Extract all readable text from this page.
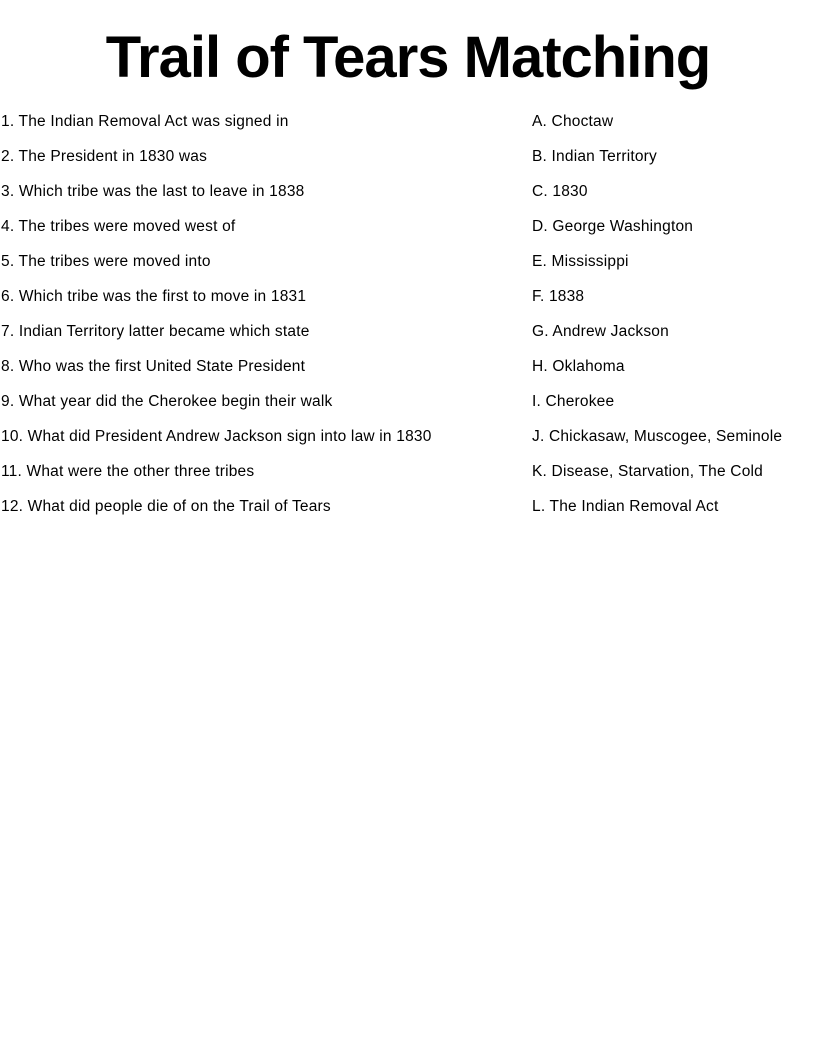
Trail of Tears Matching
1. The Indian Removal Act was signed in
2. The President in 1830 was
3. Which tribe was the last to leave in 1838
4. The tribes were moved west of
5. The tribes were moved into
6. Which tribe was the first to move in 1831
7. Indian Territory latter became which state
8. Who was the first United State President
9. What year did the Cherokee begin their walk
10. What did President Andrew Jackson sign into law in 1830
11. What were the other three tribes
12. What did people die of on the Trail of Tears
A. Choctaw
B. Indian Territory
C. 1830
D. George Washington
E. Mississippi
F. 1838
G. Andrew Jackson
H. Oklahoma
I. Cherokee
J. Chickasaw, Muscogee, Seminole
K. Disease, Starvation, The Cold
L. The Indian Removal Act
